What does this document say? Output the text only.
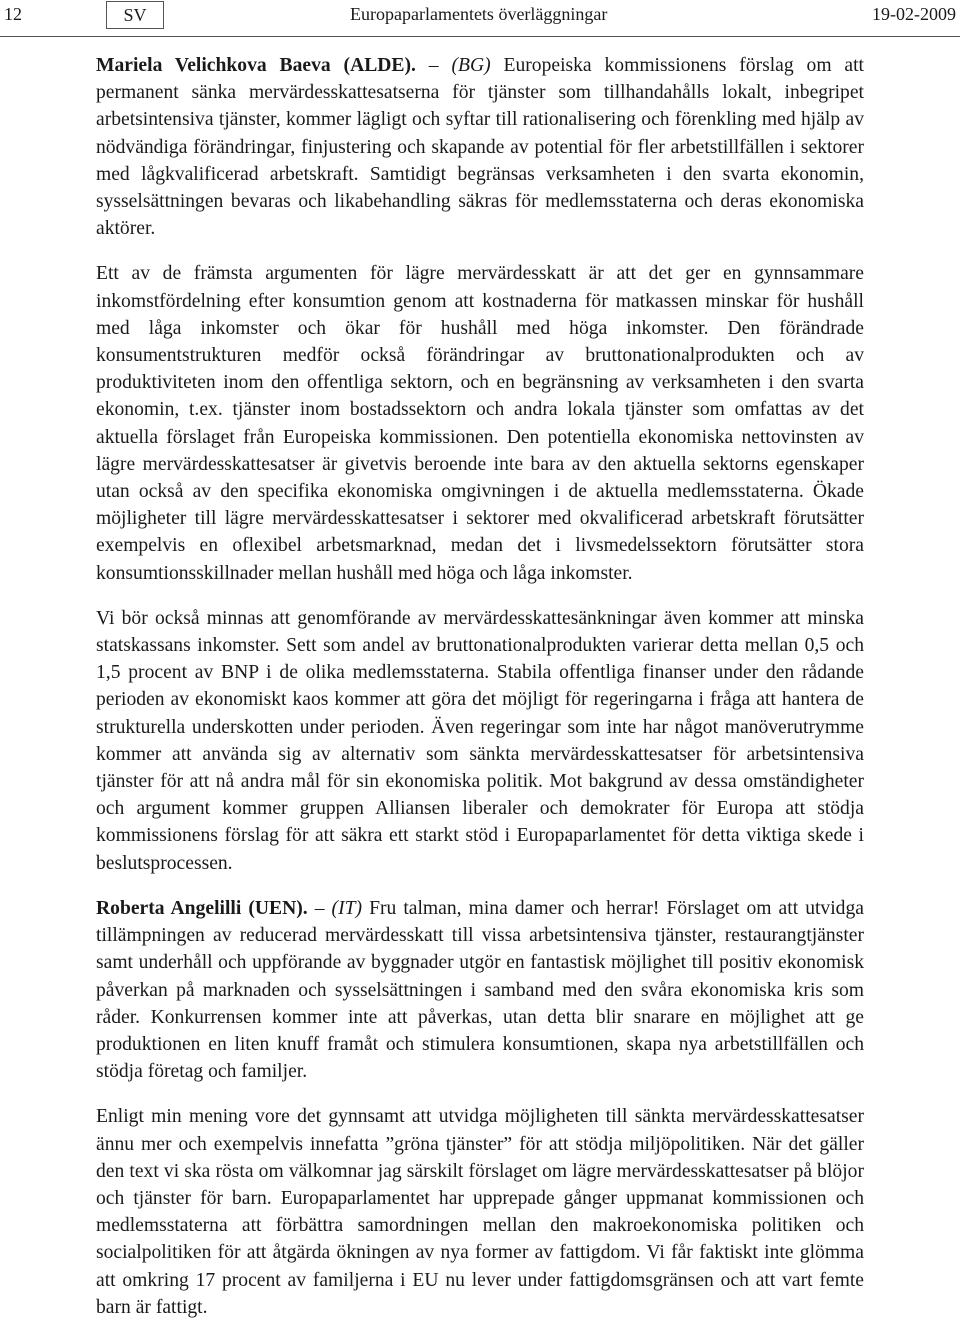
12	SV	Europaparlamentets överläggningar	19-02-2009

Mariela Velichkova Baeva (ALDE). – (BG) Europeiska kommissionens förslag om att permanent sänka mervärdesskattesatserna för tjänster som tillhandahålls lokalt, inbegripet arbetsintensiva tjänster, kommer lägligt och syftar till rationalisering och förenkling med hjälp av nödvändiga förändringar, finjustering och skapande av potential för fler arbetstillfällen i sektorer med lågkvalificerad arbetskraft. Samtidigt begränsas verksamheten i den svarta ekonomin, sysselsättningen bevaras och likabehandling säkras för medlemsstaterna och deras ekonomiska aktörer.

Ett av de främsta argumenten för lägre mervärdesskatt är att det ger en gynnsammare inkomstfördelning efter konsumtion genom att kostnaderna för matkassen minskar för hushåll med låga inkomster och ökar för hushåll med höga inkomster. Den förändrade konsumentstrukturen medför också förändringar av bruttonationalprodukten och av produktiviteten inom den offentliga sektorn, och en begränsning av verksamheten i den svarta ekonomin, t.ex. tjänster inom bostadssektorn och andra lokala tjänster som omfattas av det aktuella förslaget från Europeiska kommissionen. Den potentiella ekonomiska nettovinsten av lägre mervärdesskattesatser är givetvis beroende inte bara av den aktuella sektorns egenskaper utan också av den specifika ekonomiska omgivningen i de aktuella medlemsstaterna. Ökade möjligheter till lägre mervärdesskattesatser i sektorer med okvalificerad arbetskraft förutsätter exempelvis en oflexibel arbetsmarknad, medan det i livsmedelssektorn förutsätter stora konsumtionsskillnader mellan hushåll med höga och låga inkomster.

Vi bör också minnas att genomförande av mervärdesskattesänkningar även kommer att minska statskassans inkomster. Sett som andel av bruttonationalprodukten varierar detta mellan 0,5 och 1,5 procent av BNP i de olika medlemsstaterna. Stabila offentliga finanser under den rådande perioden av ekonomiskt kaos kommer att göra det möjligt för regeringarna i fråga att hantera de strukturella underskotten under perioden. Även regeringar som inte har något manöverutrymme kommer att använda sig av alternativ som sänkta mervärdesskattesatser för arbetsintensiva tjänster för att nå andra mål för sin ekonomiska politik. Mot bakgrund av dessa omständigheter och argument kommer gruppen Alliansen liberaler och demokrater för Europa att stödja kommissionens förslag för att säkra ett starkt stöd i Europaparlamentet för detta viktiga skede i beslutsprocessen.

Roberta Angelilli (UEN). – (IT) Fru talman, mina damer och herrar! Förslaget om att utvidga tillämpningen av reducerad mervärdesskatt till vissa arbetsintensiva tjänster, restaurangtjänster samt underhåll och uppförande av byggnader utgör en fantastisk möjlighet till positiv ekonomisk påverkan på marknaden och sysselsättningen i samband med den svåra ekonomiska kris som råder. Konkurrensen kommer inte att påverkas, utan detta blir snarare en möjlighet att ge produktionen en liten knuff framåt och stimulera konsumtionen, skapa nya arbetstillfällen och stödja företag och familjer.

Enligt min mening vore det gynnsamt att utvidga möjligheten till sänkta mervärdesskattesatser ännu mer och exempelvis innefatta ”gröna tjänster” för att stödja miljöpolitiken. När det gäller den text vi ska rösta om välkomnar jag särskilt förslaget om lägre mervärdesskattesatser på blöjor och tjänster för barn. Europaparlamentet har upprepade gånger uppmanat kommissionen och medlemsstaterna att förbättra samordningen mellan den makroekonomiska politiken och socialpolitiken för att åtgärda ökningen av nya former av fattigdom. Vi får faktiskt inte glömma att omkring 17 procent av familjerna i EU nu lever under fattigdomsgränsen och att vart femte barn är fattigt.
